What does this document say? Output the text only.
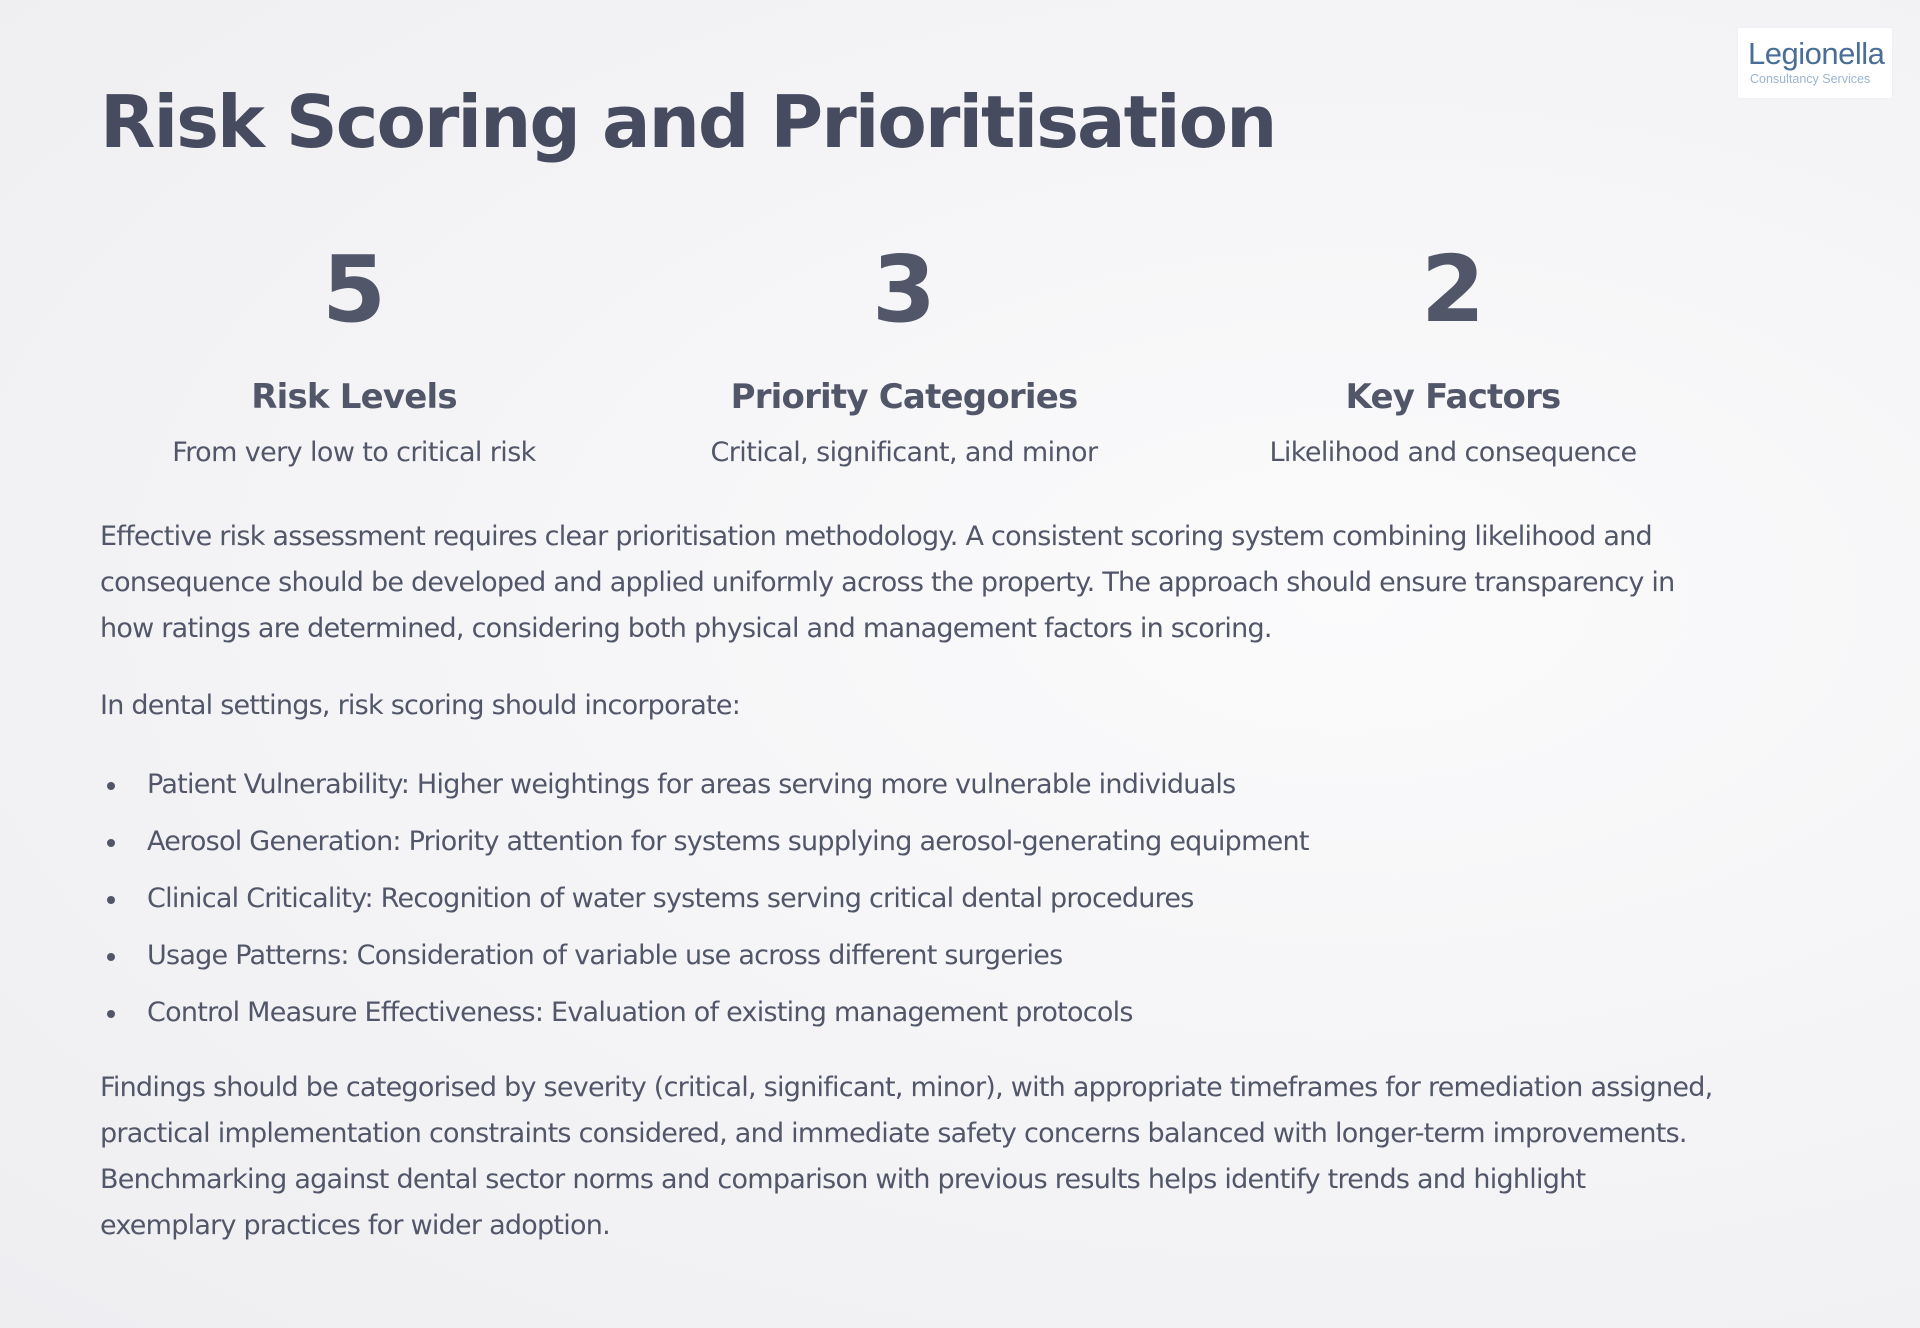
Legionella
Consultancy Services
Risk Scoring and Prioritisation
5
Risk Levels
From very low to critical risk
3
Priority Categories
Critical, significant, and minor
2
Key Factors
Likelihood and consequence

Effective risk assessment requires clear prioritisation methodology. A consistent scoring system combining likelihood and consequence should be developed and applied uniformly across the property. The approach should ensure transparency in how ratings are determined, considering both physical and management factors in scoring.

In dental settings, risk scoring should incorporate:

Patient Vulnerability: Higher weightings for areas serving more vulnerable individuals
Aerosol Generation: Priority attention for systems supplying aerosol-generating equipment
Clinical Criticality: Recognition of water systems serving critical dental procedures
Usage Patterns: Consideration of variable use across different surgeries
Control Measure Effectiveness: Evaluation of existing management protocols

Findings should be categorised by severity (critical, significant, minor), with appropriate timeframes for remediation assigned, practical implementation constraints considered, and immediate safety concerns balanced with longer-term improvements. Benchmarking against dental sector norms and comparison with previous results helps identify trends and highlight exemplary practices for wider adoption.
